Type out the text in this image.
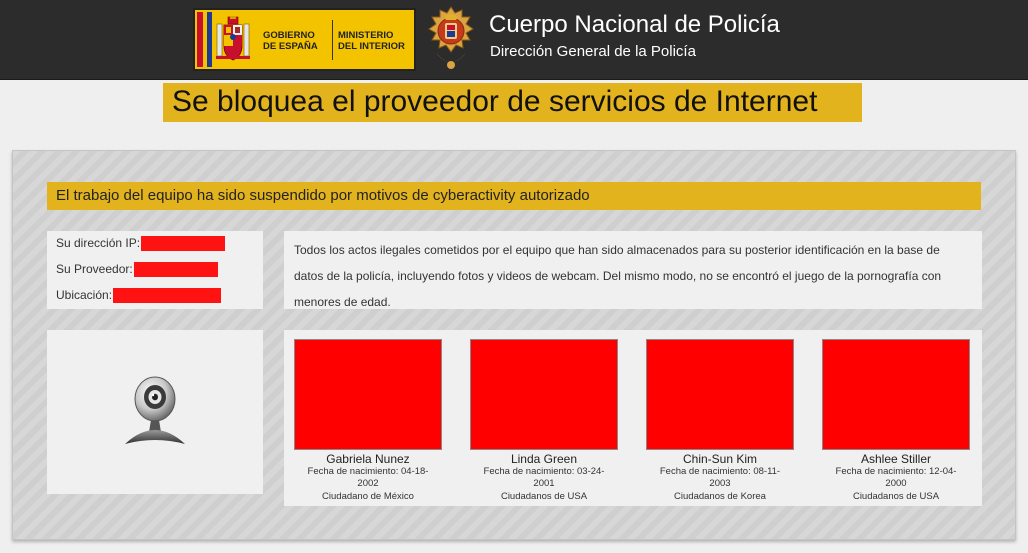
GOBIERNO
DE ESPAÑA
MINISTERIO
DEL INTERIOR
Cuerpo Nacional de Policía
Dirección General de la Policía
Se bloquea el proveedor de servicios de Internet
El trabajo del equipo ha sido suspendido por motivos de cyberactivity autorizado
Su dirección IP:
Su Proveedor:
Ubicación:

Todos los actos ilegales cometidos por el equipo que han sido almacenados para su posterior identificación en la base de datos de la policía, incluyendo fotos y videos de webcam. Del mismo modo, no se encontró el juego de la pornografía con menores de edad.

Gabriela Nunez
Fecha de nacimiento: 04-18-2002
Ciudadano de México
Linda Green
Fecha de nacimiento: 03-24-2001
Ciudadanos de USA
Chin-Sun Kim
Fecha de nacimiento: 08-11-2003
Ciudadanos de Korea
Ashlee Stiller
Fecha de nacimiento: 12-04-2000
Ciudadanos de USA
